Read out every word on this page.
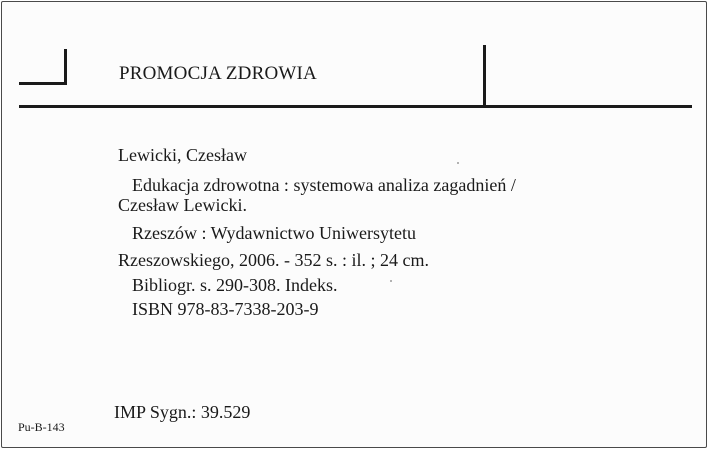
PROMOCJA ZDROWIA
Lewicki, Czesław
Edukacja zdrowotna : systemowa analiza zagadnień /
Czesław Lewicki.
Rzeszów : Wydawnictwo Uniwersytetu
Rzeszowskiego, 2006. - 352 s. : il. ; 24 cm.
Bibliogr. s. 290-308. Indeks.
ISBN 978-83-7338-203-9
IMP Sygn.: 39.529
Pu-B-143
